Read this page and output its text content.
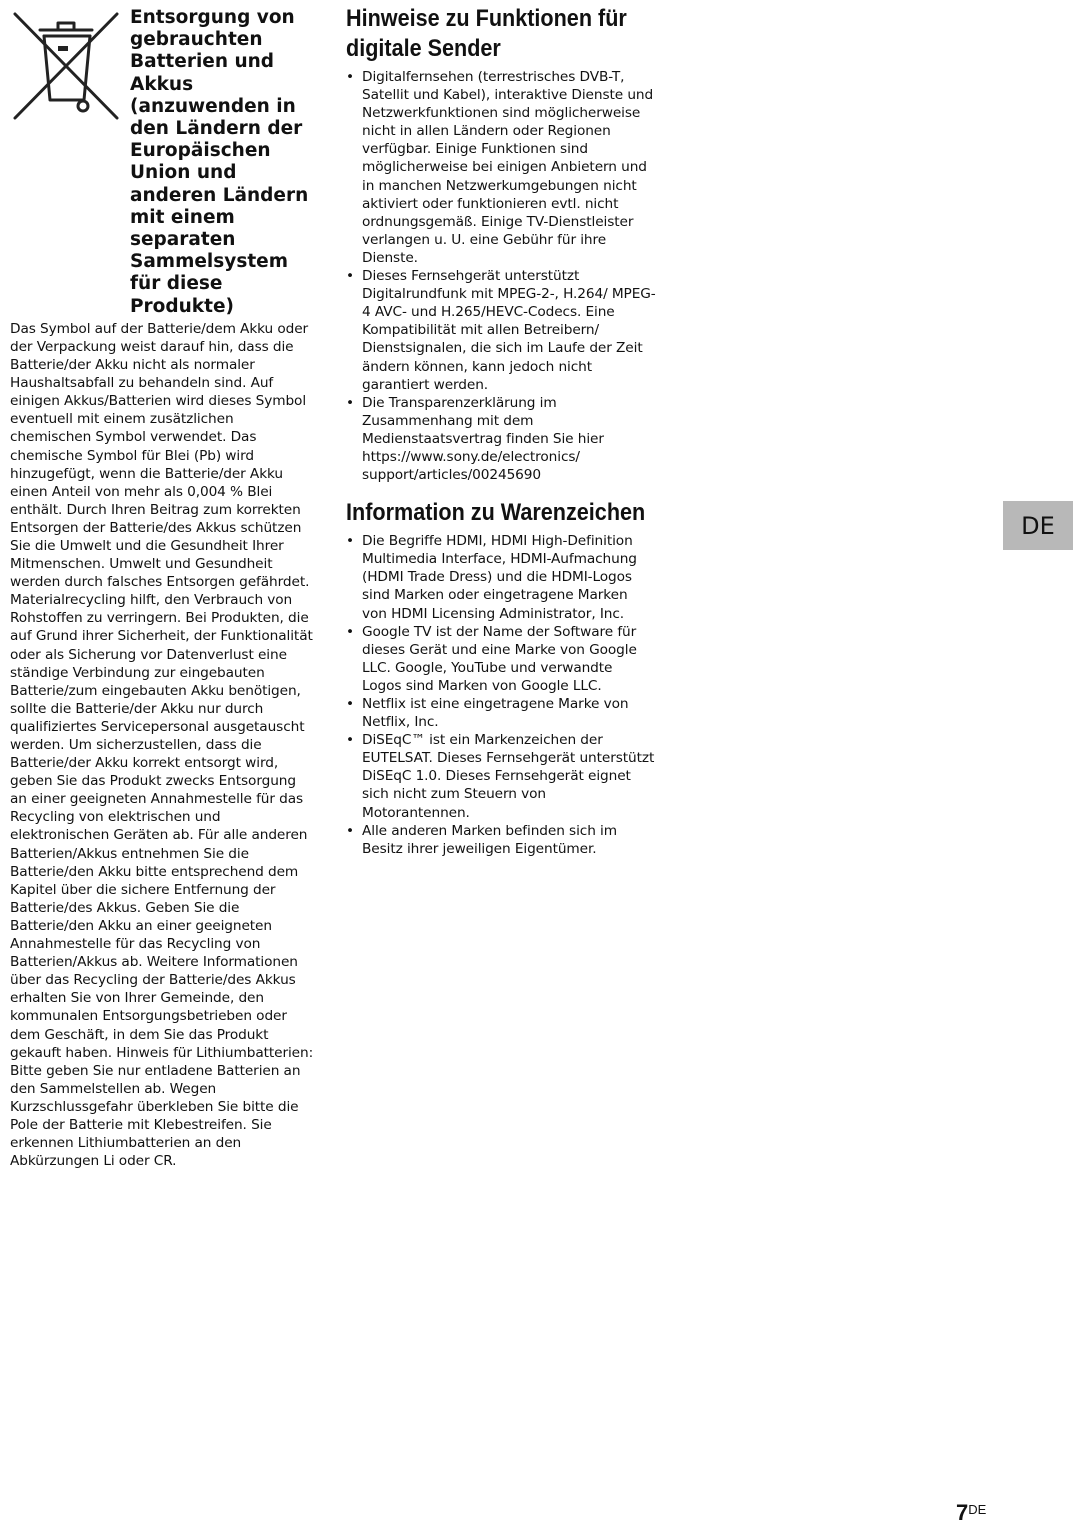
Entsorgung von gebrauchten Batterien und Akkus (anzuwenden in den Ländern der Europäischen Union und anderen Ländern mit einem separaten Sammelsystem für diese Produkte)

Das Symbol auf der Batterie/dem Akku oder der Verpackung weist darauf hin, dass die Batterie/der Akku nicht als normaler Haushaltsabfall zu behandeln sind. Auf einigen Akkus/Batterien wird dieses Symbol eventuell mit einem zusätzlichen chemischen Symbol verwendet. Das chemische Symbol für Blei (Pb) wird hinzugefügt, wenn die Batterie/der Akku einen Anteil von mehr als 0,004 % Blei enthält. Durch Ihren Beitrag zum korrekten Entsorgen der Batterie/des Akkus schützen Sie die Umwelt und die Gesundheit Ihrer Mitmenschen. Umwelt und Gesundheit werden durch falsches Entsorgen gefährdet. Materialrecycling hilft, den Verbrauch von Rohstoffen zu verringern. Bei Produkten, die auf Grund ihrer Sicherheit, der Funktionalität oder als Sicherung vor Datenverlust eine ständige Verbindung zur eingebauten Batterie/zum eingebauten Akku benötigen, sollte die Batterie/der Akku nur durch qualifiziertes Servicepersonal ausgetauscht werden. Um sicherzustellen, dass die Batterie/der Akku korrekt entsorgt wird, geben Sie das Produkt zwecks Entsorgung an einer geeigneten Annahmestelle für das Recycling von elektrischen und elektronischen Geräten ab. Für alle anderen Batterien/Akkus entnehmen Sie die Batterie/den Akku bitte entsprechend dem Kapitel über die sichere Entfernung der Batterie/des Akkus. Geben Sie die Batterie/den Akku an einer geeigneten Annahmestelle für das Recycling von Batterien/Akkus ab. Weitere Informationen über das Recycling der Batterie/des Akkus erhalten Sie von Ihrer Gemeinde, den kommunalen Entsorgungsbetrieben oder dem Geschäft, in dem Sie das Produkt gekauft haben. Hinweis für Lithiumbatterien: Bitte geben Sie nur entladene Batterien an den Sammelstellen ab. Wegen Kurzschlussgefahr überkleben Sie bitte die Pole der Batterie mit Klebestreifen. Sie erkennen Lithiumbatterien an den Abkürzungen Li oder CR.

Hinweise zu Funktionen für
digitale Sender
• Digitalfernsehen (terrestrisches DVB-T, Satellit und Kabel), interaktive Dienste und Netzwerkfunktionen sind möglicherweise nicht in allen Ländern oder Regionen verfügbar. Einige Funktionen sind möglicherweise bei einigen Anbietern und in manchen Netzwerkumgebungen nicht aktiviert oder funktionieren evtl. nicht ordnungsgemäß. Einige TV-Dienstleister verlangen u. U. eine Gebühr für ihre Dienste.
• Dieses Fernsehgerät unterstützt Digitalrundfunk mit MPEG-2-, H.264/ MPEG-4 AVC- und H.265/HEVC-Codecs. Eine Kompatibilität mit allen Betreibern/ Dienstsignalen, die sich im Laufe der Zeit ändern können, kann jedoch nicht garantiert werden.
• Die Transparenzerklärung im Zusammenhang mit dem Medienstaatsvertrag finden Sie hier https://www.sony.de/electronics/ support/articles/00245690
Information zu Warenzeichen
• Die Begriffe HDMI, HDMI High-Definition Multimedia Interface, HDMI-Aufmachung (HDMI Trade Dress) und die HDMI-Logos sind Marken oder eingetragene Marken von HDMI Licensing Administrator, Inc.
• Google TV ist der Name der Software für dieses Gerät und eine Marke von Google LLC. Google, YouTube und verwandte Logos sind Marken von Google LLC.
• Netflix ist eine eingetragene Marke von Netflix, Inc.
• DiSEqC™ ist ein Markenzeichen der EUTELSAT. Dieses Fernsehgerät unterstützt DiSEqC 1.0. Dieses Fernsehgerät eignet sich nicht zum Steuern von Motorantennen.
• Alle anderen Marken befinden sich im Besitz ihrer jeweiligen Eigentümer.
DE
7DE
